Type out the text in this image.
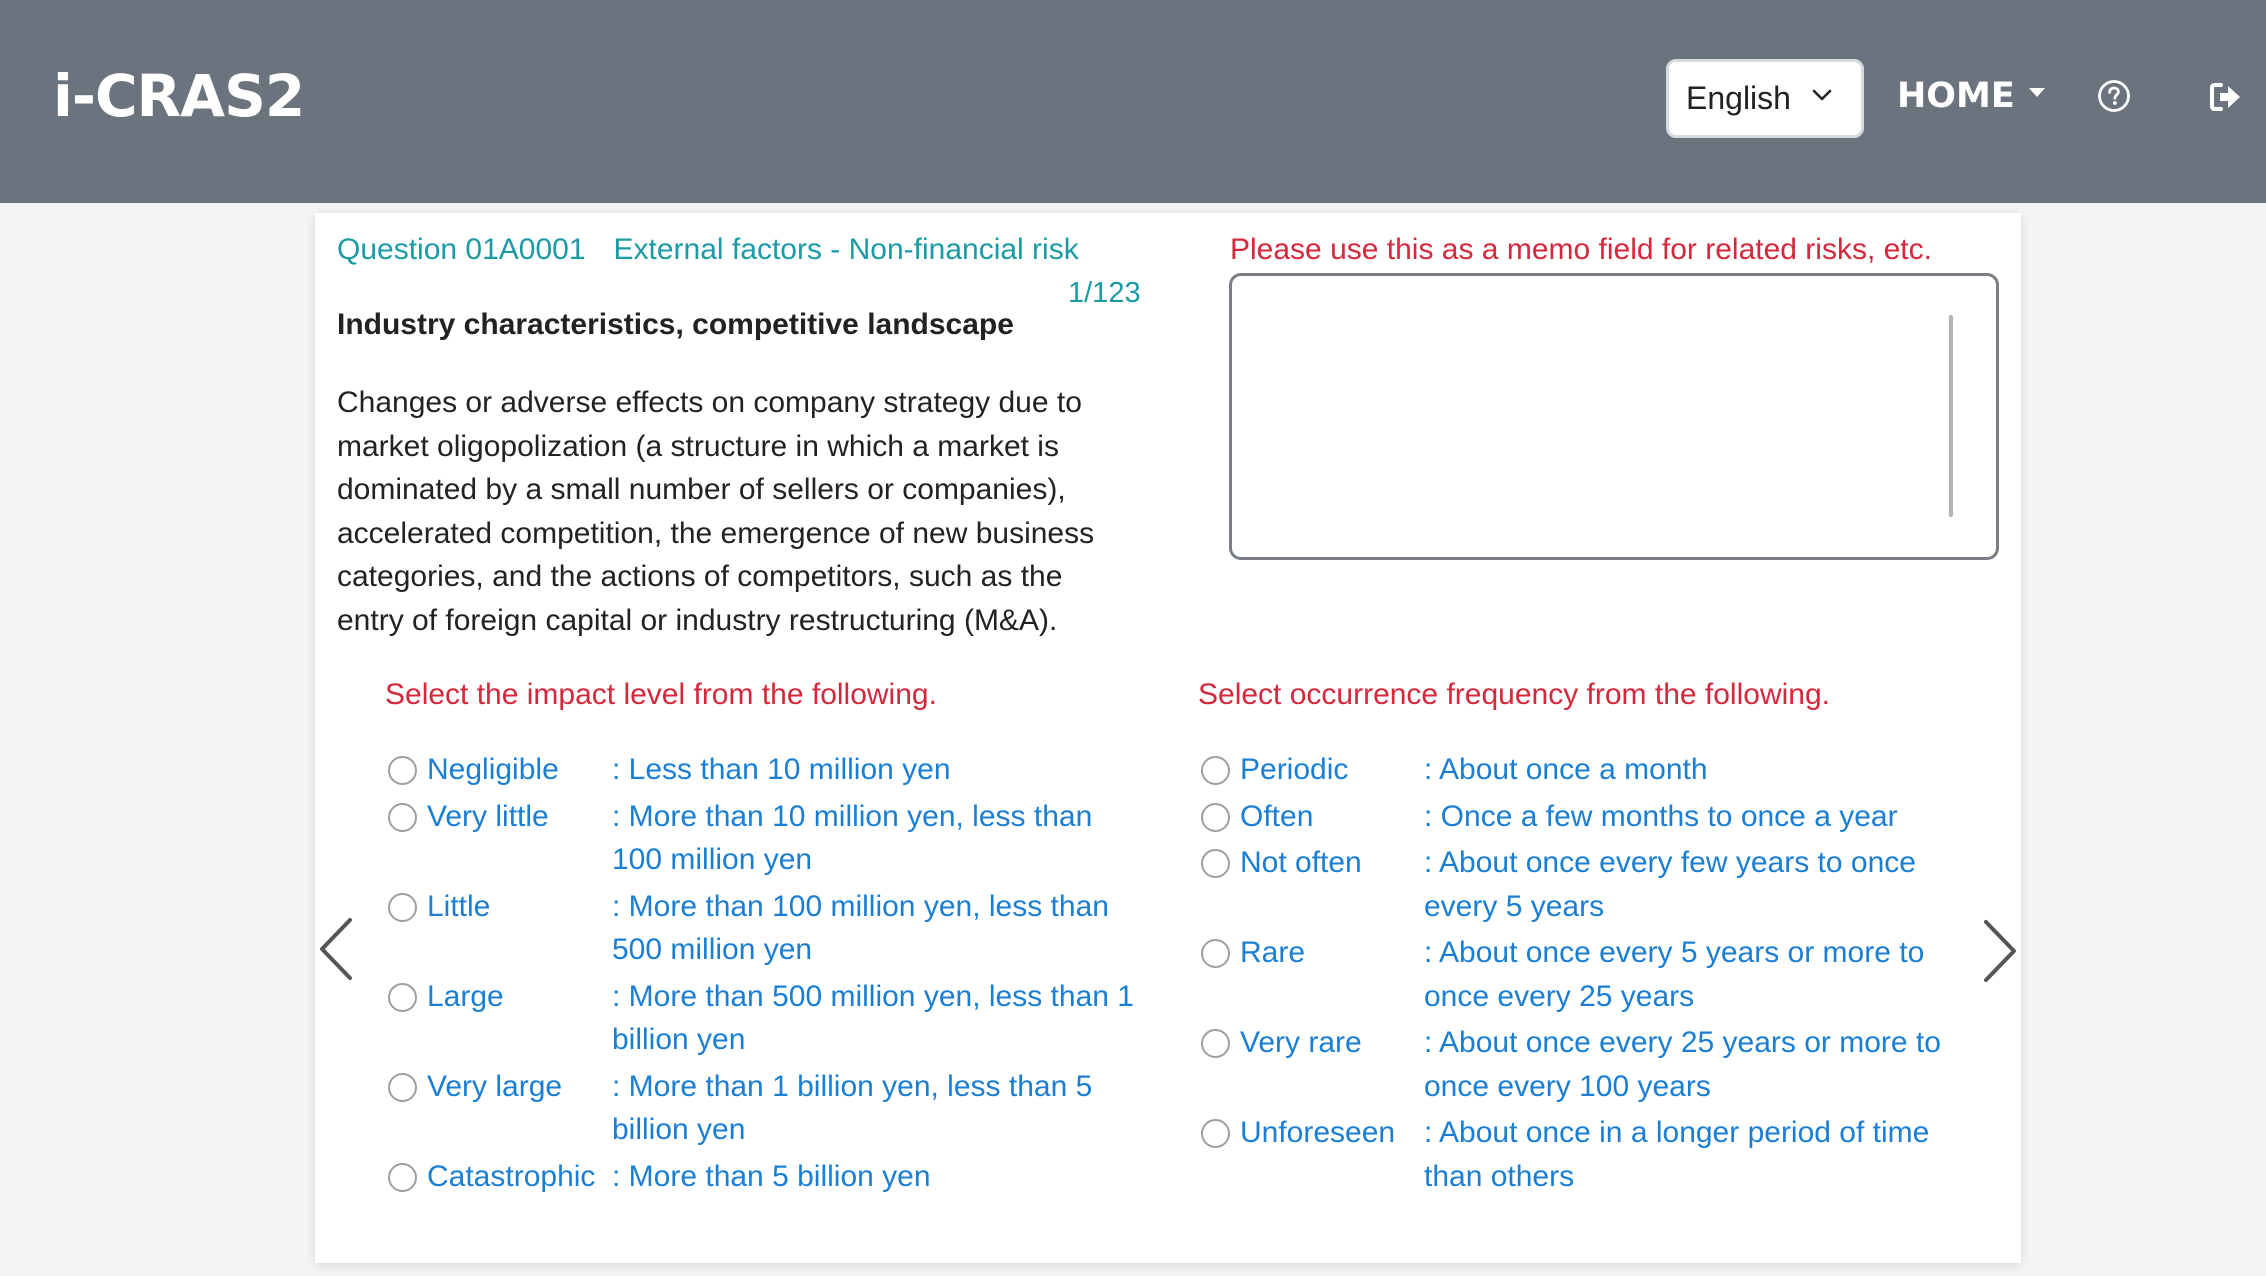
i-CRAS2	English	HOME
Question 01A0001 External factors - Non-financial risk
1/123
Industry characteristics, competitive landscape
Changes or adverse effects on company strategy due to market oligopolization (a structure in which a market is dominated by a small number of sellers or companies), accelerated competition, the emergence of new business categories, and the actions of competitors, such as the entry of foreign capital or industry restructuring (M&A).
Please use this as a memo field for related risks, etc.
Select the impact level from the following.	Select occurrence frequency from the following.
Negligible	: Less than 10 million yen
Very little	: More than 10 million yen, less than 100 million yen
Little	: More than 100 million yen, less than 500 million yen
Large	: More than 500 million yen, less than 1 billion yen
Very large	: More than 1 billion yen, less than 5 billion yen
Catastrophic : More than 5 billion yen
Periodic	: About once a month
Often	: Once a few months to once a year
Not often	: About once every few years to once every 5 years
Rare	: About once every 5 years or more to once every 25 years
Very rare	: About once every 25 years or more to once every 100 years
Unforeseen : About once in a longer period of time than others
